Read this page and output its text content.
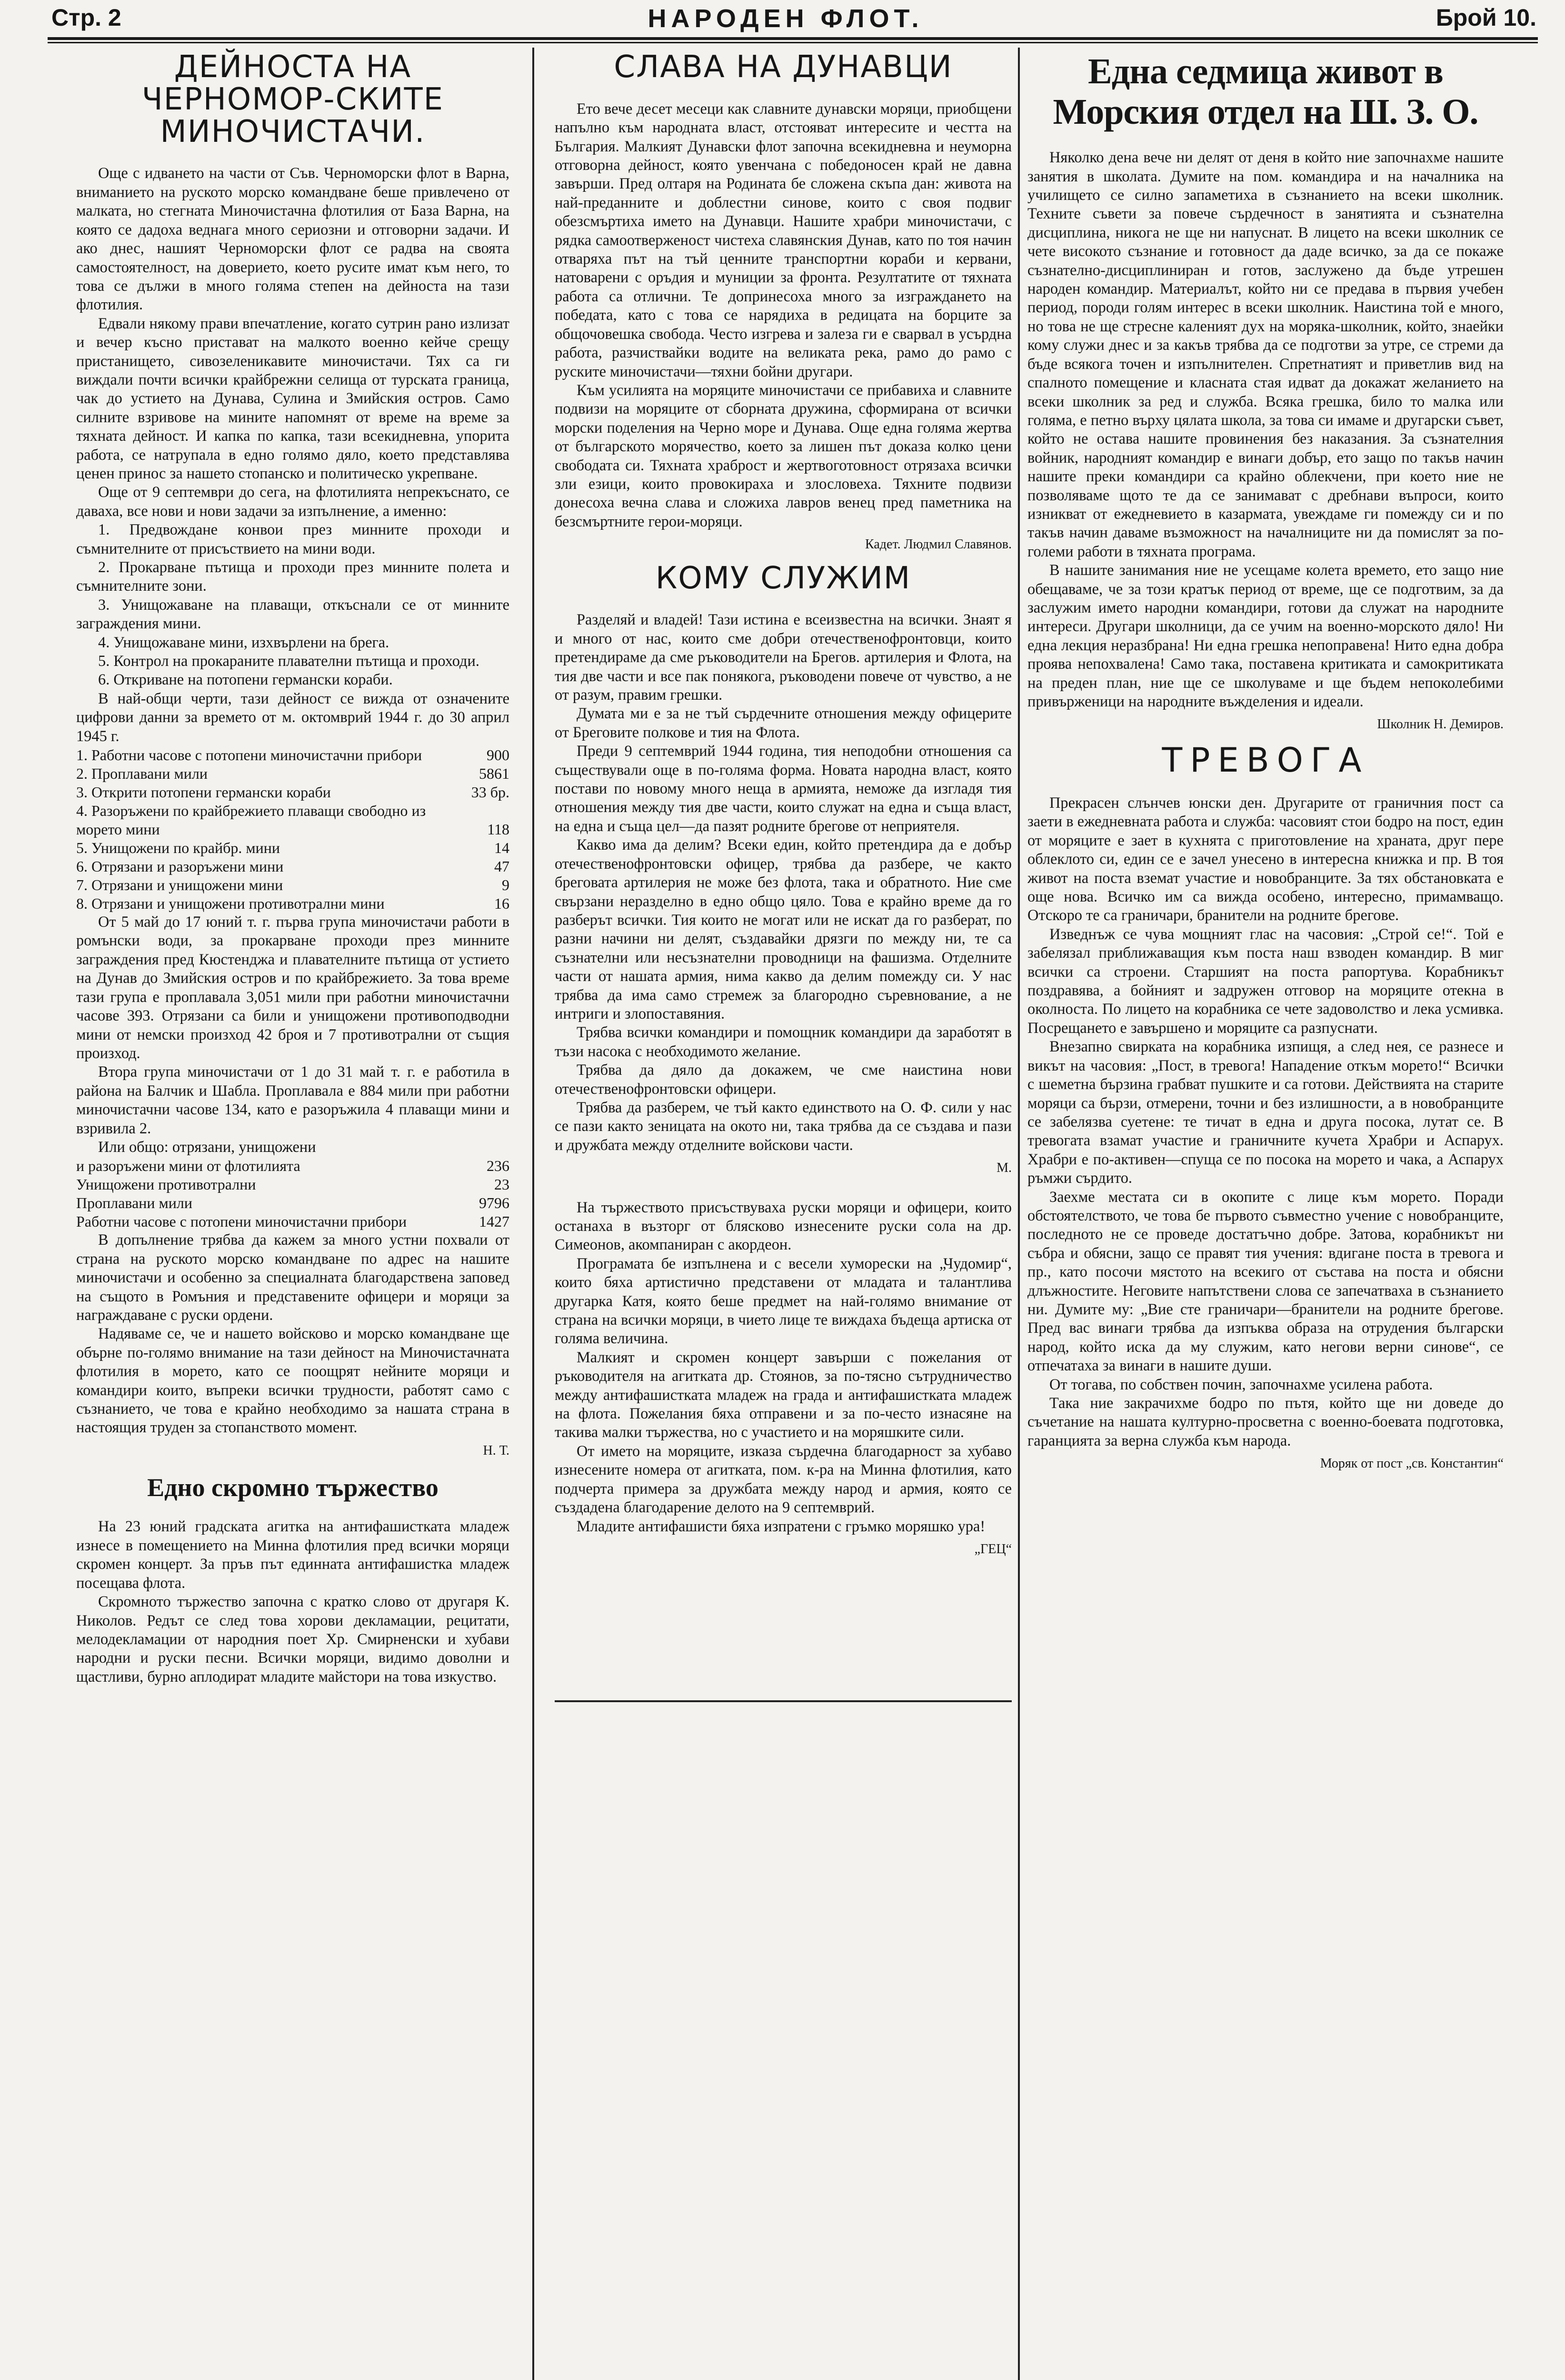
Стр. 2	НАРОДЕН ФЛОТ.	Брой 10.
ДЕЙНОСТА НА ЧЕРНОМОР-СКИТЕ МИНОЧИСТАЧИ.

Още с идването на части от Съв. Черноморски флот в Варна, вниманието на руското морско командване беше привлечено от малката, но стегната Миночистачна флотилия от База Варна, на която се дадоха веднага много сериозни и отговорни задачи. И ако днес, нашият Черноморски флот се радва на своята самостоятелност, на доверието, което русите имат към него, то това се дължи в много голяма степен на дейноста на тази флотилия.

Едвали някому прави впечатление, когато сутрин рано излизат и вечер късно пристават на малкото военно кейче срещу пристанището, сивозеленикавите миночистачи. Тях са ги виждали почти всички крайбрежни селища от турската граница, чак до устието на Дунава, Сулина и Змийския остров. Само силните взривове на мините напомнят от време на време за тяхната дейност. И капка по капка, тази всекидневна, упорита работа, се натрупала в едно голямо дяло, което представлява ценен принос за нашето стопанско и политическо укрепване.

Още от 9 септември до сега, на флотилията непрекъснато, се даваха, все нови и нови задачи за изпълнение, а именно:

1. Предвождане конвои през минните проходи и съмнителните от присъствието на мини води.

2. Прокарване пътища и проходи през минните полета и съмнителните зони.

3. Унищожаване на плаващи, откъснали се от минните заграждения мини.

4. Унищожаване мини, изхвърлени на брега.

5. Контрол на прокараните плавателни пътища и проходи.

6. Откриване на потопени германски кораби.

В най-общи черти, тази дейност се вижда от означените цифрови данни за времето от м. октомврий 1944 г. до 30 април 1945 г.

1. Работни часове с потопени миночистачни прибори	900
2. Проплавани мили	5861
3. Открити потопени германски кораби	33 бр.
4. Разоръжени по крайбрежието плаващи свободно из морето мини	118
5. Унищожени по крайбр. мини	14
6. Отрязани и разоръжени мини	47
7. Отрязани и унищожени мини	9
8. Отрязани и унищожени противотрални мини	16

От 5 май до 17 юний т. г. първа група миночистачи работи в ромънски води, за прокарване проходи през минните заграждения пред Кюстенджа и плавателните пътища от устието на Дунав до Змийския остров и по крайбрежието. За това време тази група е проплавала 3,051 мили при работни миночистачни часове 393. Отрязани са били и унищожени противоподводни мини от немски произход 42 броя и 7 противотрални от същия произход.

Втора група миночистачи от 1 до 31 май т. г. е работила в района на Балчик и Шабла. Проплавала е 884 мили при работни миночистачни часове 134, като е разоръжила 4 плаващи мини и взривила 2.

Или общо: отрязани, унищожени

и разоръжени мини от флотилията	236
Унищожени противотрални	23
Проплавани мили	9796
Работни часове с потопени миночистачни прибори	1427

В допълнение трябва да кажем за много устни похвали от страна на руското морско командване по адрес на нашите миночистачи и особенно за специалната благодарствена заповед на същото в Ромъния и представените офицери и моряци за награждаване с руски ордени.

Надяваме се, че и нашето войсково и морско командване ще обърне по-голямо внимание на тази дейност на Миночистачната флотилия в морето, като се поощрят нейните моряци и командири които, въпреки всички трудности, работят само с съзнанието, че това е крайно необходимо за нашата страна в настоящия труден за стопанството момент.

Н. Т.

Едно скромно тържество

На 23 юний градската агитка на антифашистката младеж изнесе в помещението на Минна флотилия пред всички моряци скромен концерт. За пръв път единната антифашистка младеж посещава флота.

Скромното тържество започна с кратко слово от другаря К. Николов. Редът се след това хорови декламации, рецитати, мелодекламации от народния поет Хр. Смирненски и хубави народни и руски песни. Всички моряци, видимо доволни и щастливи, бурно аплодират младите майстори на това изкуство.

СЛАВА НА ДУНАВЦИ

Ето вече десет месеци как славните дунавски моряци, приобщени напълно към народната власт, отстояват интересите и честта на България. Малкият Дунавски флот започна всекидневна и неуморна отговорна дейност, която увенчана с победоносен край не давна завърши. Пред олтаря на Родината бе сложена скъпа дан: живота на най-преданните и доблестни синове, които с своя подвиг обезсмъртиха името на Дунавци. Нашите храбри миночистачи, с рядка самоотверженост чистеха славянския Дунав, като по тоя начин отваряха път на тъй ценните транспортни кораби и кервани, натоварени с оръдия и муниции за фронта. Резултатите от тяхната работа са отлични. Те допринесоха много за изграждането на победата, като с това се нарядиха в редицата на борците за общочовешка свобода. Често изгрева и залеза ги е сварвал в усърдна работа, разчиствайки водите на великата река, рамо до рамо с руските миночистачи—тяхни бойни другари.

Към усилията на моряците миночистачи се прибавиха и славните подвизи на моряците от сборната дружина, сформирана от всички морски поделения на Черно море и Дунава. Още една голяма жертва от българското морячество, което за лишен път доказа колко цени свободата си. Тяхната храброст и жертвоготовност отрязаха всички зли езици, които провокираха и злословеха. Тяхните подвизи донесоха вечна слава и сложиха лавров венец пред паметника на безсмъртните герои-моряци.

Кадет. Людмил Славянов.

КОМУ СЛУЖИМ

Разделяй и владей! Тази истина е всеизвестна на всички. Знаят я и много от нас, които сме добри отечественофронтовци, които претендираме да сме ръководители на Брегов. артилерия и Флота, на тия две части и все пак понякога, ръководени повече от чувство, а не от разум, правим грешки.

Думата ми е за не тъй сърдечните отношения между офицерите от Бреговите полкове и тия на Флота.

Преди 9 септемврий 1944 година, тия неподобни отношения са съществували още в по-голяма форма. Новата народна власт, която постави по новому много неща в армията, неможе да изгладя тия отношения между тия две части, които служат на една и съща власт, на една и съща цел—да пазят родните брегове от неприятеля.

Какво има да делим? Всеки един, който претендира да е добър отечественофронтовски офицер, трябва да разбере, че както бреговата артилерия не може без флота, така и обратното. Ние сме свързани неразделно в едно общо цяло. Това е крайно време да го разберът всички. Тия които не могат или не искат да го разберат, по разни начини ни делят, създавайки дрязги по между ни, те са съзнателни или несъзнателни проводници на фашизма. Отделните части от нашата армия, нима какво да делим помежду си. У нас трябва да има само стремеж за благородно съревнование, а не интриги и злопоставяния.

Трябва всички командири и помощник командири да заработят в тъзи насока с необходимото желание.

Трябва да дяло да докажем, че сме наистина нови отечественофронтовски офицери.

Трябва да разберем, че тъй както единството на О. Ф. сили у нас се пази както зеницата на окото ни, така трябва да се създава и пази и дружбата между отделните войскови части.

М.

На тържеството присъствуваха руски моряци и офицери, които останаха в възторг от блясково изнесените руски сола на др. Симеонов, акомпаниран с акордеон.

Програмата бе изпълнена и с весели хуморески на „Чудомир“, които бяха артистично представени от младата и талантлива другарка Катя, която беше предмет на най-голямо внимание от страна на всички моряци, в чието лице те виждаха бъдеща артиска от голяма величина.

Малкият и скромен концерт завърши с пожелания от ръководителя на агитката др. Стоянов, за по-тясно сътрудничество между антифашистката младеж на града и антифашистката младеж на флота. Пожелания бяха отправени и за по-често изнасяне на такива малки тържества, но с участието и на моряшките сили.

От името на моряците, изказа сърдечна благодарност за хубаво изнесените номера от агитката, пом. к-ра на Минна флотилия, като подчерта примера за дружбата между народ и армия, която се създадена благодарение делото на 9 септемврий.

Младите антифашисти бяха изпратени с гръмко моряшко ура!

„ГЕЦ“

Една седмица живот в Морския отдел на Ш. З. О.

Няколко дена вече ни делят от деня в който ние започнахме нашите занятия в школата. Думите на пом. командира и на началника на училището се силно запаметиха в съзнанието на всеки школник. Техните съвети за повече сърдечност в занятията и съзнателна дисциплина, никога не ще ни напуснат. В лицето на всеки школник се чете високото съзнание и готовност да даде всичко, за да се покаже съзнателно-дисциплиниран и готов, заслужено да бъде утрешен народен командир. Материалът, който ни се предава в първия учебен период, породи голям интерес в всеки школник. Наистина той е много, но това не ще стресне каленият дух на моряка-школник, който, знаейки кому служи днес и за какъв трябва да се подготви за утре, се стреми да бъде всякога точен и изпълнителен. Спретнатият и приветлив вид на спалното помещение и класната стая идват да докажат желанието на всеки школник за ред и служба. Всяка грешка, било то малка или голяма, е петно върху цялата школа, за това си имаме и другарски съвет, който не остава нашите провинения без наказания. За съзнателния войник, народният командир е винаги добър, ето защо по такъв начин нашите преки командири са крайно облекчени, при което ние не позволяваме щото те да се занимават с дребнави въпроси, които изникват от ежедневието в казармата, увеждаме ги помежду си и по такъв начин даваме възможност на началниците ни да помислят за по-големи работи в тяхната програма.

В нашите занимания ние не усещаме колета времето, ето защо ние обещаваме, че за този кратък период от време, ще се подготвим, за да заслужим името народни командири, готови да служат на народните интереси. Другари школници, да се учим на военно-морското дяло! Ни една лекция неразбрана! Ни една грешка непоправена! Нито една добра проява непохвалена! Само така, поставена критиката и самокритиката на преден план, ние ще се школуваме и ще бъдем непоколебими привърженици на народните въжделения и идеали.

Школник Н. Демиров.

ТРЕВОГА

Прекрасен слънчев юнски ден. Другарите от граничния пост са заети в ежедневната работа и служба: часовият стои бодро на пост, един от моряците е зает в кухнята с приготовление на храната, друг пере облеклото си, един се е зачел унесено в интересна книжка и пр. В тоя живот на поста вземат участие и новобранците. За тях обстановката е още нова. Всичко им са вижда особено, интересно, примамващо. Отскоро те са граничари, бранители на родните брегове.

Изведнъж се чува мощният глас на часовия: „Строй се!“. Той е забелязал приближаващия към поста наш взводен командир. В миг всички са строени. Старшият на поста рапортува. Корабникът поздравява, а бойният и задружен отговор на моряците отекна в околноста. По лицето на корабника се чете задоволство и лека усмивка. Посрещането е завършено и моряците са разпуснати.

Внезапно свирката на корабника изпищя, а след нея, се разнесе и викът на часовия: „Пост, в тревога! Нападение откъм морето!“ Всички с шеметна бързина грабват пушките и са готови. Действията на старите моряци са бързи, отмерени, точни и без излишности, а в новобранците се забелязва суетене: те тичат в една и друга посока, лутат се. В тревогата взамат участие и граничните кучета Храбри и Аспарух. Храбри е по-активен—спуща се по посока на морето и чака, а Аспарух ръмжи сърдито.

Заехме местата си в окопите с лице към морето. Поради обстоятелството, че това бе първото съвместно учение с новобранците, последното не се проведе достатъчно добре. Затова, корабникът ни събра и обясни, защо се правят тия учения: вдигане поста в тревога и пр., като посочи мястото на всекиго от състава на поста и обясни длъжностите. Неговите напътствени слова се запечатваха в съзнанието ни. Думите му: „Вие сте граничари—бранители на родните брегове. Пред вас винаги трябва да изпъква образа на отрудения български народ, който иска да му служим, като негови верни синове“, се отпечатаха за винаги в нашите души.

От тогава, по собствен почин, започнахме усилена работа.

Така ние закрачихме бодро по пътя, който ще ни доведе до съчетание на нашата културно-просветна с военно-боевата подготовка, гаранцията за верна служба към народа.

Моряк от пост „св. Константин“
